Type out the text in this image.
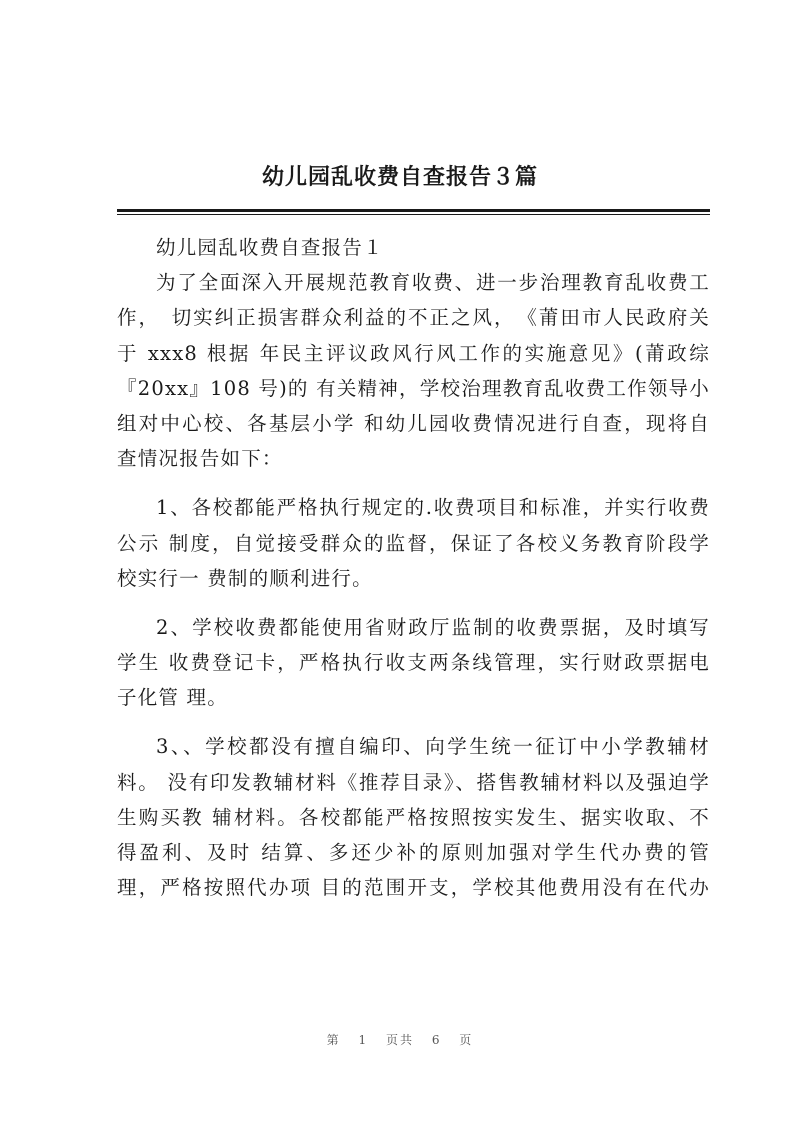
幼儿园乱收费自查报告３篇
幼儿园乱收费自查报告１
为了全面深入开展规范教育收费、进一步治理教育乱收费工
作，　切实纠正损害群众利益的不正之风，　《莆田市人民政府关
于 xxx8 根据 年民主评议政风行风工作的实施意见》(莆政综
『20xx』108 号)的 有关精神，学校治理教育乱收费工作领导小
组对中心校、各基层小学 和幼儿园收费情况进行自查，现将自
查情况报告如下：
1、各校都能严格执行规定的.收费项目和标准，并实行收费
公示 制度，自觉接受群众的监督，保证了各校义务教育阶段学
校实行一 费制的顺利进行。
2、学校收费都能使用省财政厅监制的收费票据，及时填写
学生 收费登记卡，严格执行收支两条线管理，实行财政票据电
子化管 理。
3、、学校都没有擅自编印、向学生统一征订中小学教辅材
料。 没有印发教辅材料《推荐目录》、搭售教辅材料以及强迫学
生购买教 辅材料。各校都能严格按照按实发生、据实收取、不
得盈利、及时 结算、多还少补的原则加强对学生代办费的管
理，严格按照代办项 目的范围开支，学校其他费用没有在代办
第 1 页共 6 页
